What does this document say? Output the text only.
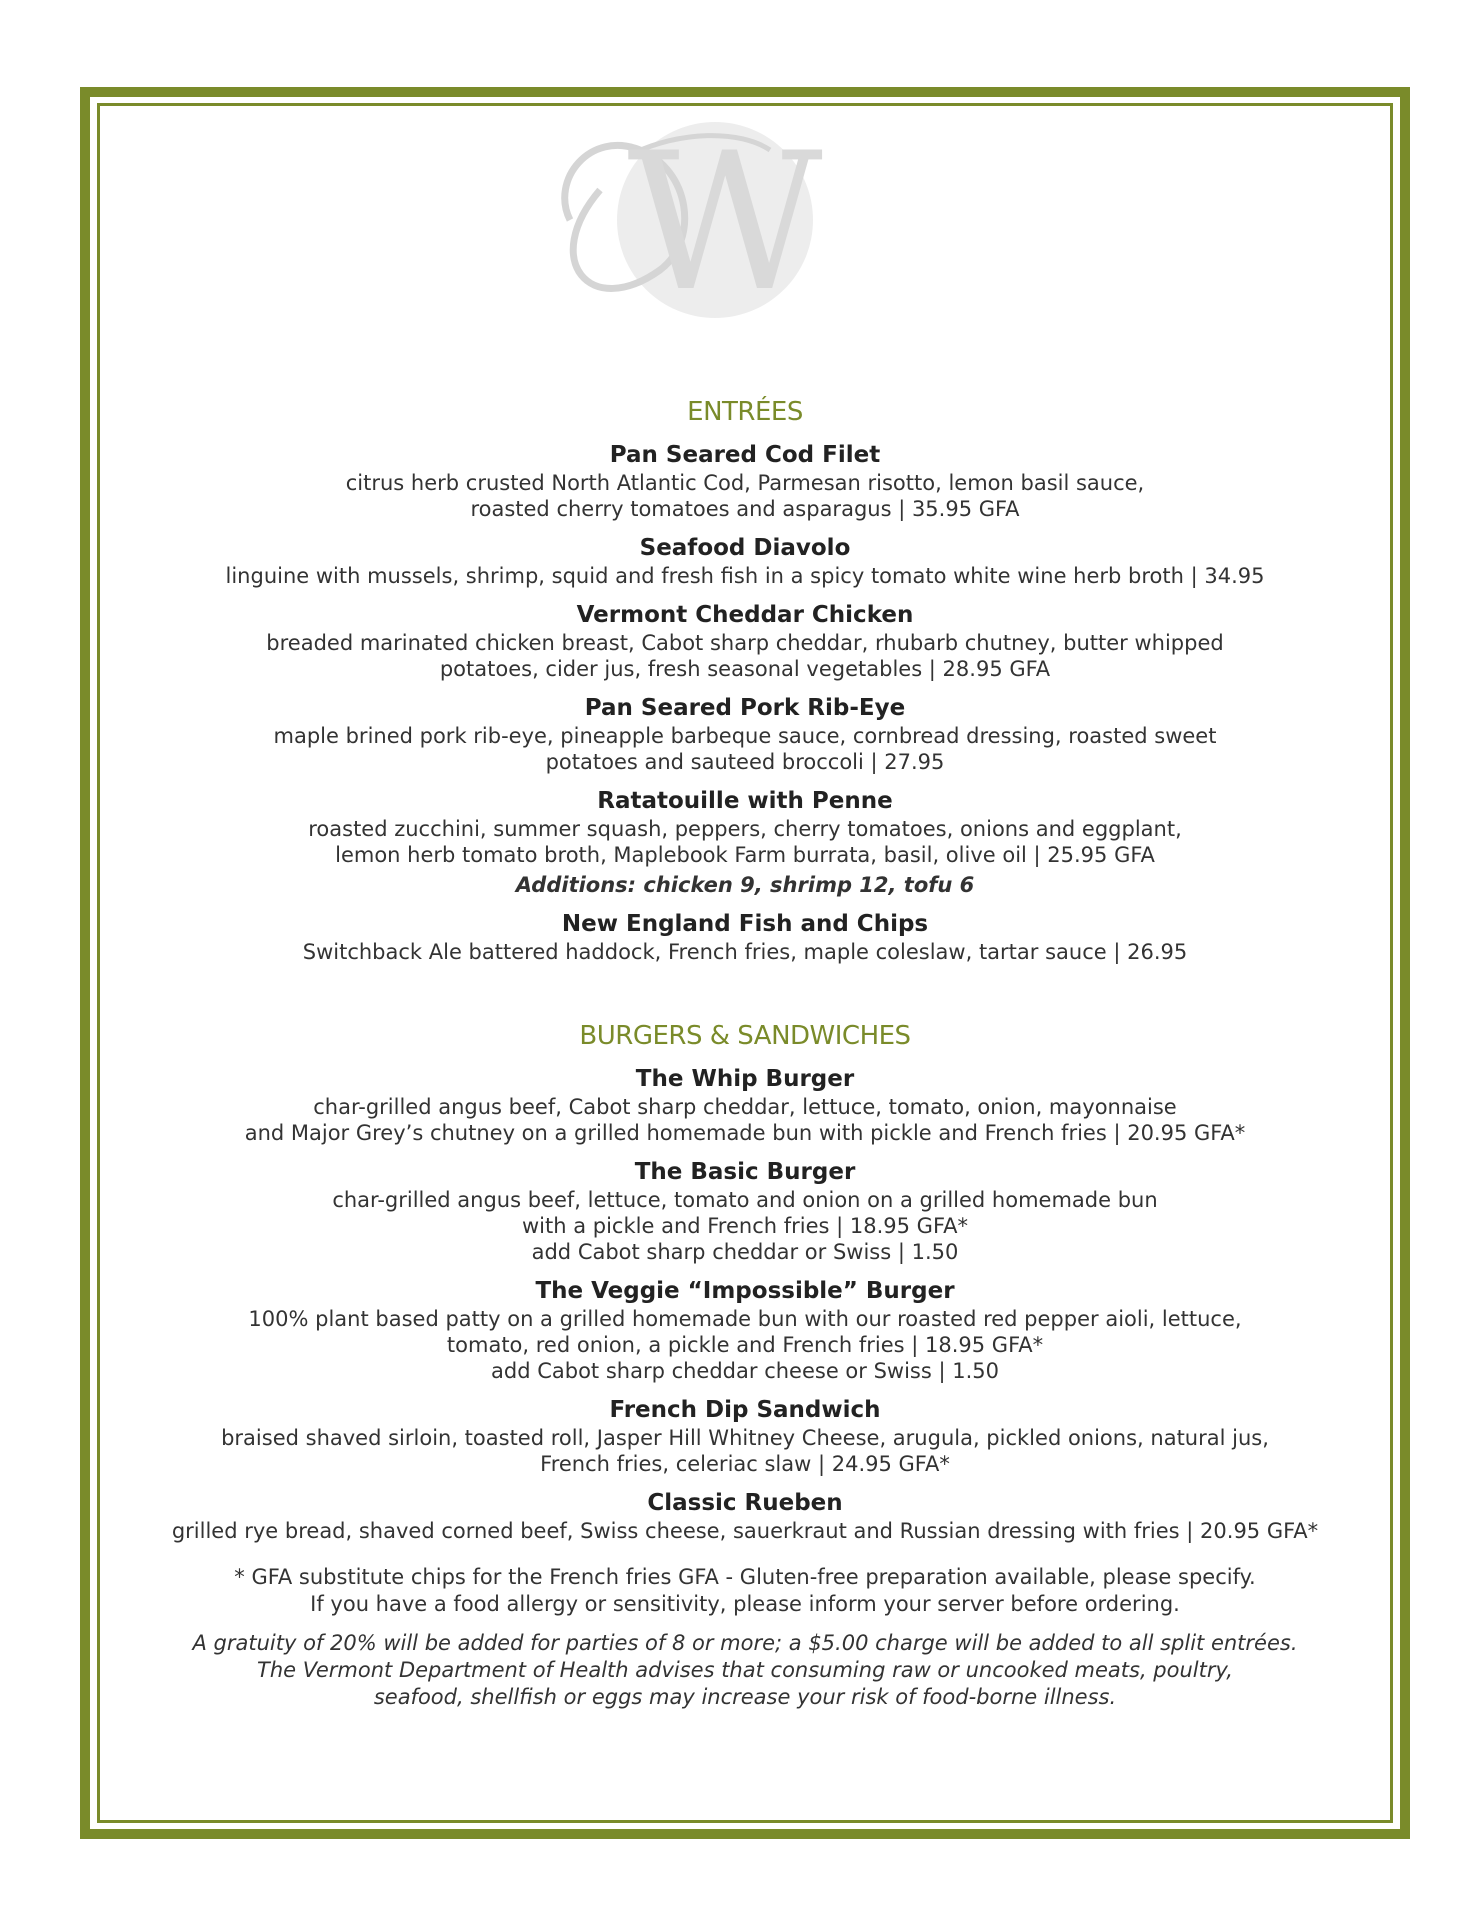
W
ENTRÉES
Pan Seared Cod Filet
citrus herb crusted North Atlantic Cod, Parmesan risotto, lemon basil sauce,
roasted cherry tomatoes and asparagus | 35.95 GFA
Seafood Diavolo
linguine with mussels, shrimp, squid and fresh fish in a spicy tomato white wine herb broth | 34.95
Vermont Cheddar Chicken
breaded marinated chicken breast, Cabot sharp cheddar, rhubarb chutney, butter whipped
potatoes, cider jus, fresh seasonal vegetables | 28.95 GFA
Pan Seared Pork Rib-Eye
maple brined pork rib-eye, pineapple barbeque sauce, cornbread dressing, roasted sweet
potatoes and sauteed broccoli | 27.95
Ratatouille with Penne
roasted zucchini, summer squash, peppers, cherry tomatoes, onions and eggplant,
lemon herb tomato broth, Maplebook Farm burrata, basil, olive oil | 25.95 GFA
Additions: chicken 9, shrimp 12, tofu 6
New England Fish and Chips
Switchback Ale battered haddock, French fries, maple coleslaw, tartar sauce | 26.95
BURGERS & SANDWICHES
The Whip Burger
char-grilled angus beef, Cabot sharp cheddar, lettuce, tomato, onion, mayonnaise
and Major Grey’s chutney on a grilled homemade bun with pickle and French fries | 20.95 GFA*
The Basic Burger
char-grilled angus beef, lettuce, tomato and onion on a grilled homemade bun
with a pickle and French fries | 18.95 GFA*
add Cabot sharp cheddar or Swiss | 1.50
The Veggie “Impossible” Burger
100% plant based patty on a grilled homemade bun with our roasted red pepper aioli, lettuce,
tomato, red onion, a pickle and French fries | 18.95 GFA*
add Cabot sharp cheddar cheese or Swiss | 1.50
French Dip Sandwich
braised shaved sirloin, toasted roll, Jasper Hill Whitney Cheese, arugula, pickled onions, natural jus,
French fries, celeriac slaw | 24.95 GFA*
Classic Rueben
grilled rye bread, shaved corned beef, Swiss cheese, sauerkraut and Russian dressing with fries | 20.95 GFA*
* GFA substitute chips for the French fries GFA - Gluten-free preparation available, please specify.
If you have a food allergy or sensitivity, please inform your server before ordering.
A gratuity of 20% will be added for parties of 8 or more; a $5.00 charge will be added to all split entrées.
The Vermont Department of Health advises that consuming raw or uncooked meats, poultry,
seafood, shellfish or eggs may increase your risk of food-borne illness.
